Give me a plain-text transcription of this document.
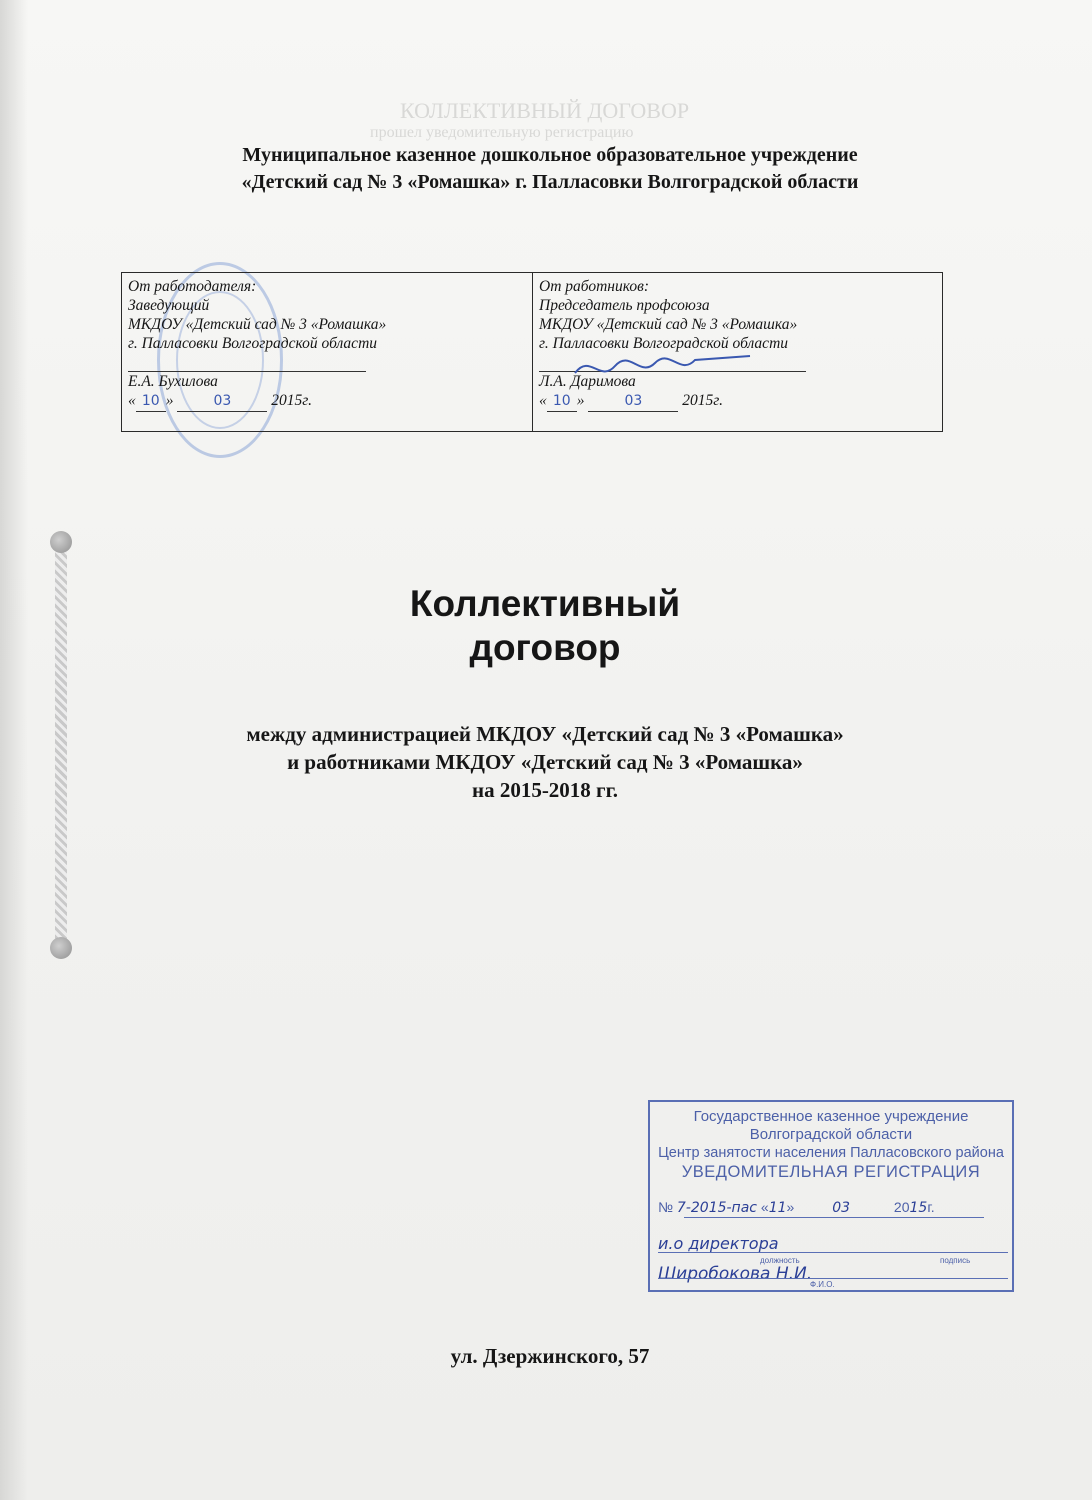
КОЛЛЕКТИВНЫЙ ДОГОВОР
прошел уведомительную регистрацию
Муниципальное казенное дошкольное образовательное учреждение
«Детский сад № 3 «Ромашка» г. Палласовки Волгоградской области
От работодателя:
Заведующий
МКДОУ «Детский сад № 3 «Ромашка»
г. Палласовки Волгоградской области
Е.А. Бухилова
« 10 »	03	2015г.
От работников:
Председатель профсоюза
МКДОУ «Детский сад № 3 «Ромашка»
г. Палласовки Волгоградской области
Л.А. Даримова
« 10 »	03	2015г.
Коллективный
договор
между администрацией МКДОУ «Детский сад № 3 «Ромашка»
и работниками МКДОУ «Детский сад № 3 «Ромашка»
на 2015-2018 гг.
Государственное казенное учреждение
Волгоградской области
Центр занятости населения Палласовского района
УВЕДОМИТЕЛЬНАЯ РЕГИСТРАЦИЯ
№ 7-2015-пас «11»	03	2015г.
и.о директора
должность	подпись
Широбокова Н.И.
Ф.И.О.
ул. Дзержинского, 57
